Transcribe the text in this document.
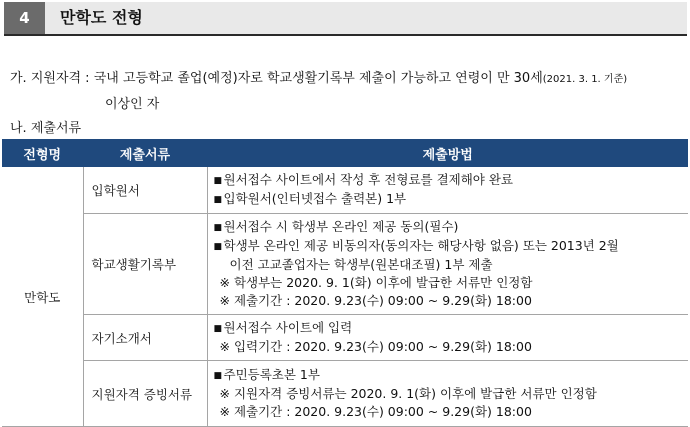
4	만학도 전형
가. 지원자격 : 국내 고등학교 졸업(예정)자로 학교생활기록부 제출이 가능하고 연령이 만 30세(2021. 3. 1. 기준)
이상인 자
나. 제출서류
전형명	제출서류	제출방법
만학도	입학원서	■원서접수 사이트에서 작성 후 전형료를 결제해야 완료
■입학원서(인터넷접수 출력본) 1부

	학교생활기록부	■원서접수 시 학생부 온라인 제공 동의(필수)
■학생부 온라인 제공 비동의자(동의자는 해당사항 없음) 또는 2013년 2월
이전 고교졸업자는 학생부(원본대조필) 1부 제출
※ 학생부는 2020. 9. 1(화) 이후에 발급한 서류만 인정함
※ 제출기간 : 2020. 9.23(수) 09:00 ~ 9.29(화) 18:00

	자기소개서	■원서접수 사이트에 입력
※ 입력기간 : 2020. 9.23(수) 09:00 ~ 9.29(화) 18:00

	지원자격 증빙서류	■주민등록초본 1부
※ 지원자격 증빙서류는 2020. 9. 1(화) 이후에 발급한 서류만 인정함
※ 제출기간 : 2020. 9.23(수) 09:00 ~ 9.29(화) 18:00
